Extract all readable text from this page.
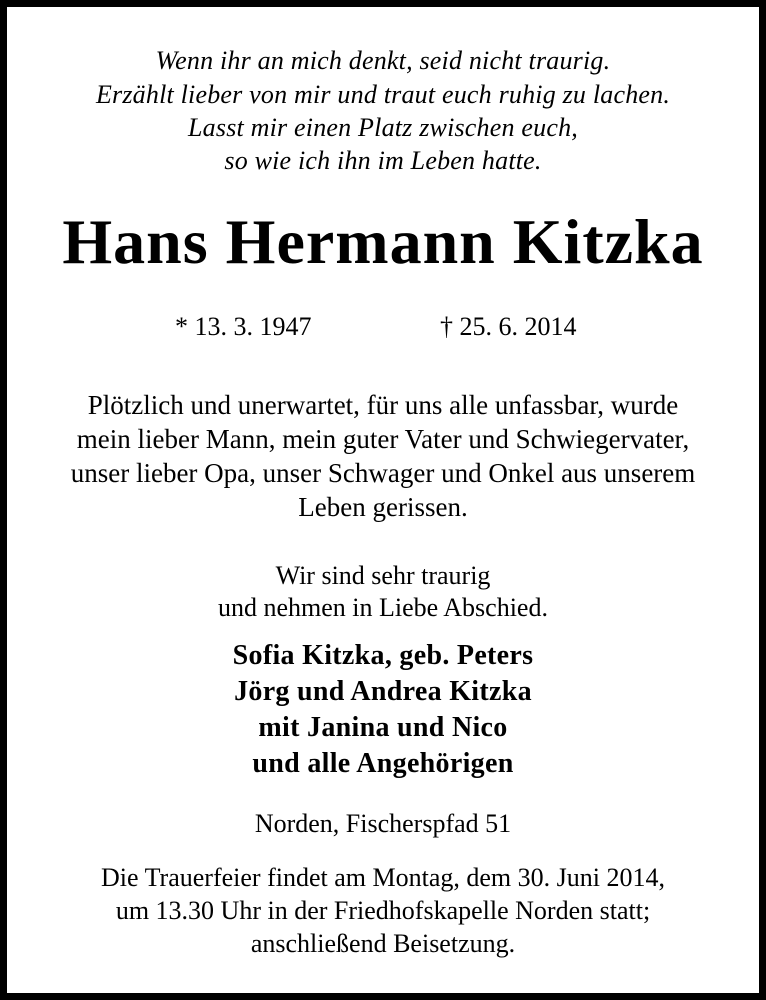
Wenn ihr an mich denkt, seid nicht traurig.
Erzählt lieber von mir und traut euch ruhig zu lachen.
Lasst mir einen Platz zwischen euch,
so wie ich ihn im Leben hatte.
Hans Hermann Kitzka
* 13. 3. 1947	† 25. 6. 2014
Plötzlich und unerwartet, für uns alle unfassbar, wurde
mein lieber Mann, mein guter Vater und Schwiegervater,
unser lieber Opa, unser Schwager und Onkel aus unserem
Leben gerissen.
Wir sind sehr traurig
und nehmen in Liebe Abschied.
Sofia Kitzka, geb. Peters
Jörg und Andrea Kitzka
mit Janina und Nico
und alle Angehörigen
Norden, Fischerspfad 51
Die Trauerfeier findet am Montag, dem 30. Juni 2014,
um 13.30 Uhr in der Friedhofskapelle Norden statt;
anschließend Beisetzung.
